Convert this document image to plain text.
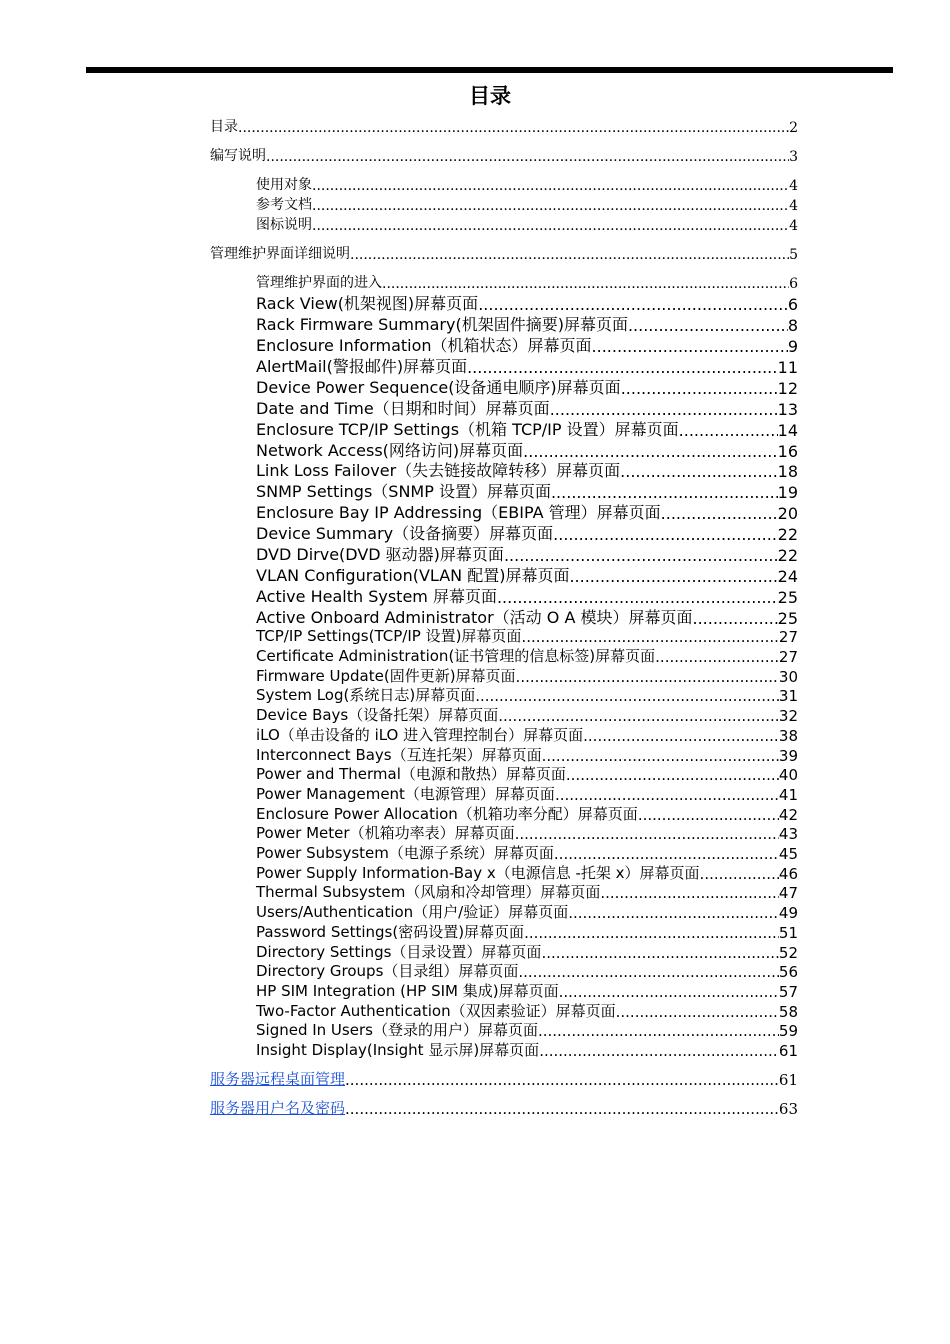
目录
目录 .....	2
编写说明 .....	3
使用对象 .....	4
参考文档 .....	4
图标说明 .....	4
管理维护界面详细说明 .....	5
管理维护界面的进入 .....	6
Rack View(机架视图)屏幕页面 .....	6
Rack Firmware Summary(机架固件摘要)屏幕页面 .....	8
Enclosure Information（机箱状态）屏幕页面 .....	9
AlertMail(警报邮件)屏幕页面 .....	11
Device Power Sequence(设备通电顺序)屏幕页面 .....	12
Date and Time（日期和时间）屏幕页面 .....	13
Enclosure TCP/IP Settings（机箱 TCP/IP 设置）屏幕页面 .....	14
Network Access(网络访问)屏幕页面 .....	16
Link Loss Failover（失去链接故障转移）屏幕页面 .....	18
SNMP Settings（SNMP 设置）屏幕页面 .....	19
Enclosure Bay IP Addressing（EBIPA 管理）屏幕页面 .....	20
Device Summary（设备摘要）屏幕页面 .....	22
DVD Dirve(DVD 驱动器)屏幕页面 .....	22
VLAN Configuration(VLAN 配置)屏幕页面 .....	24
Active Health System 屏幕页面 .....	25
Active Onboard Administrator（活动 O A 模块）屏幕页面 .....	25
TCP/IP Settings(TCP/IP 设置)屏幕页面 .....	27
Certificate Administration(证书管理的信息标签)屏幕页面 .....	27
Firmware Update(固件更新)屏幕页面 .....	30
System Log(系统日志)屏幕页面 .....	31
Device Bays（设备托架）屏幕页面 .....	32
iLO（单击设备的 iLO 进入管理控制台）屏幕页面 .....	38
Interconnect Bays（互连托架）屏幕页面 .....	39
Power and Thermal（电源和散热）屏幕页面 .....	40
Power Management（电源管理）屏幕页面 .....	41
Enclosure Power Allocation（机箱功率分配）屏幕页面 .....	42
Power Meter（机箱功率表）屏幕页面 .....	43
Power Subsystem（电源子系统）屏幕页面 .....	45
Power Supply Information-Bay x（电源信息 -托架 x）屏幕页面 .....	46
Thermal Subsystem（风扇和冷却管理）屏幕页面 .....	47
Users/Authentication（用户/验证）屏幕页面 .....	49
Password Settings(密码设置)屏幕页面 .....	51
Directory Settings（目录设置）屏幕页面 .....	52
Directory Groups（目录组）屏幕页面 .....	56
HP SIM Integration (HP SIM 集成)屏幕页面 .....	57
Two-Factor Authentication（双因素验证）屏幕页面 .....	58
Signed In Users（登录的用户）屏幕页面 .....	59
Insight Display(Insight 显示屏)屏幕页面 .....	61
服务器远程桌面管理 .....	61
服务器用户名及密码 .....	63
